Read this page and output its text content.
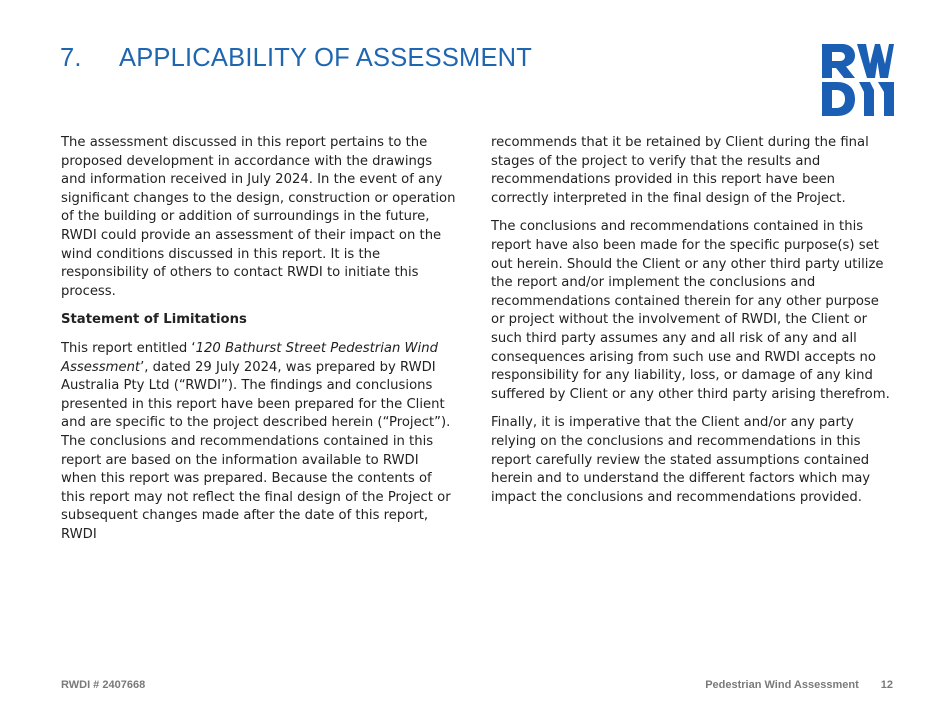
7. APPLICABILITY OF ASSESSMENT

The assessment discussed in this report pertains to the proposed development in accordance with the drawings and information received in July 2024. In the event of any significant changes to the design, construction or operation of the building or addition of surroundings in the future, RWDI could provide an assessment of their impact on the wind conditions discussed in this report. It is the responsibility of others to contact RWDI to initiate this process.

Statement of Limitations

This report entitled ‘120 Bathurst Street Pedestrian Wind Assessment’, dated 29 July 2024, was prepared by RWDI Australia Pty Ltd (“RWDI”). The findings and conclusions presented in this report have been prepared for the Client and are specific to the project described herein (“Project”). The conclusions and recommendations contained in this report are based on the information available to RWDI when this report was prepared. Because the contents of this report may not reflect the final design of the Project or subsequent changes made after the date of this report, RWDI

recommends that it be retained by Client during the final stages of the project to verify that the results and recommendations provided in this report have been correctly interpreted in the final design of the Project.

The conclusions and recommendations contained in this report have also been made for the specific purpose(s) set out herein. Should the Client or any other third party utilize the report and/or implement the conclusions and recommendations contained therein for any other purpose or project without the involvement of RWDI, the Client or such third party assumes any and all risk of any and all consequences arising from such use and RWDI accepts no responsibility for any liability, loss, or damage of any kind suffered by Client or any other third party arising therefrom.

Finally, it is imperative that the Client and/or any party relying on the conclusions and recommendations in this report carefully review the stated assumptions contained herein and to understand the different factors which may impact the conclusions and recommendations provided.

RWDI # 2407668	Pedestrian Wind Assessment 12
